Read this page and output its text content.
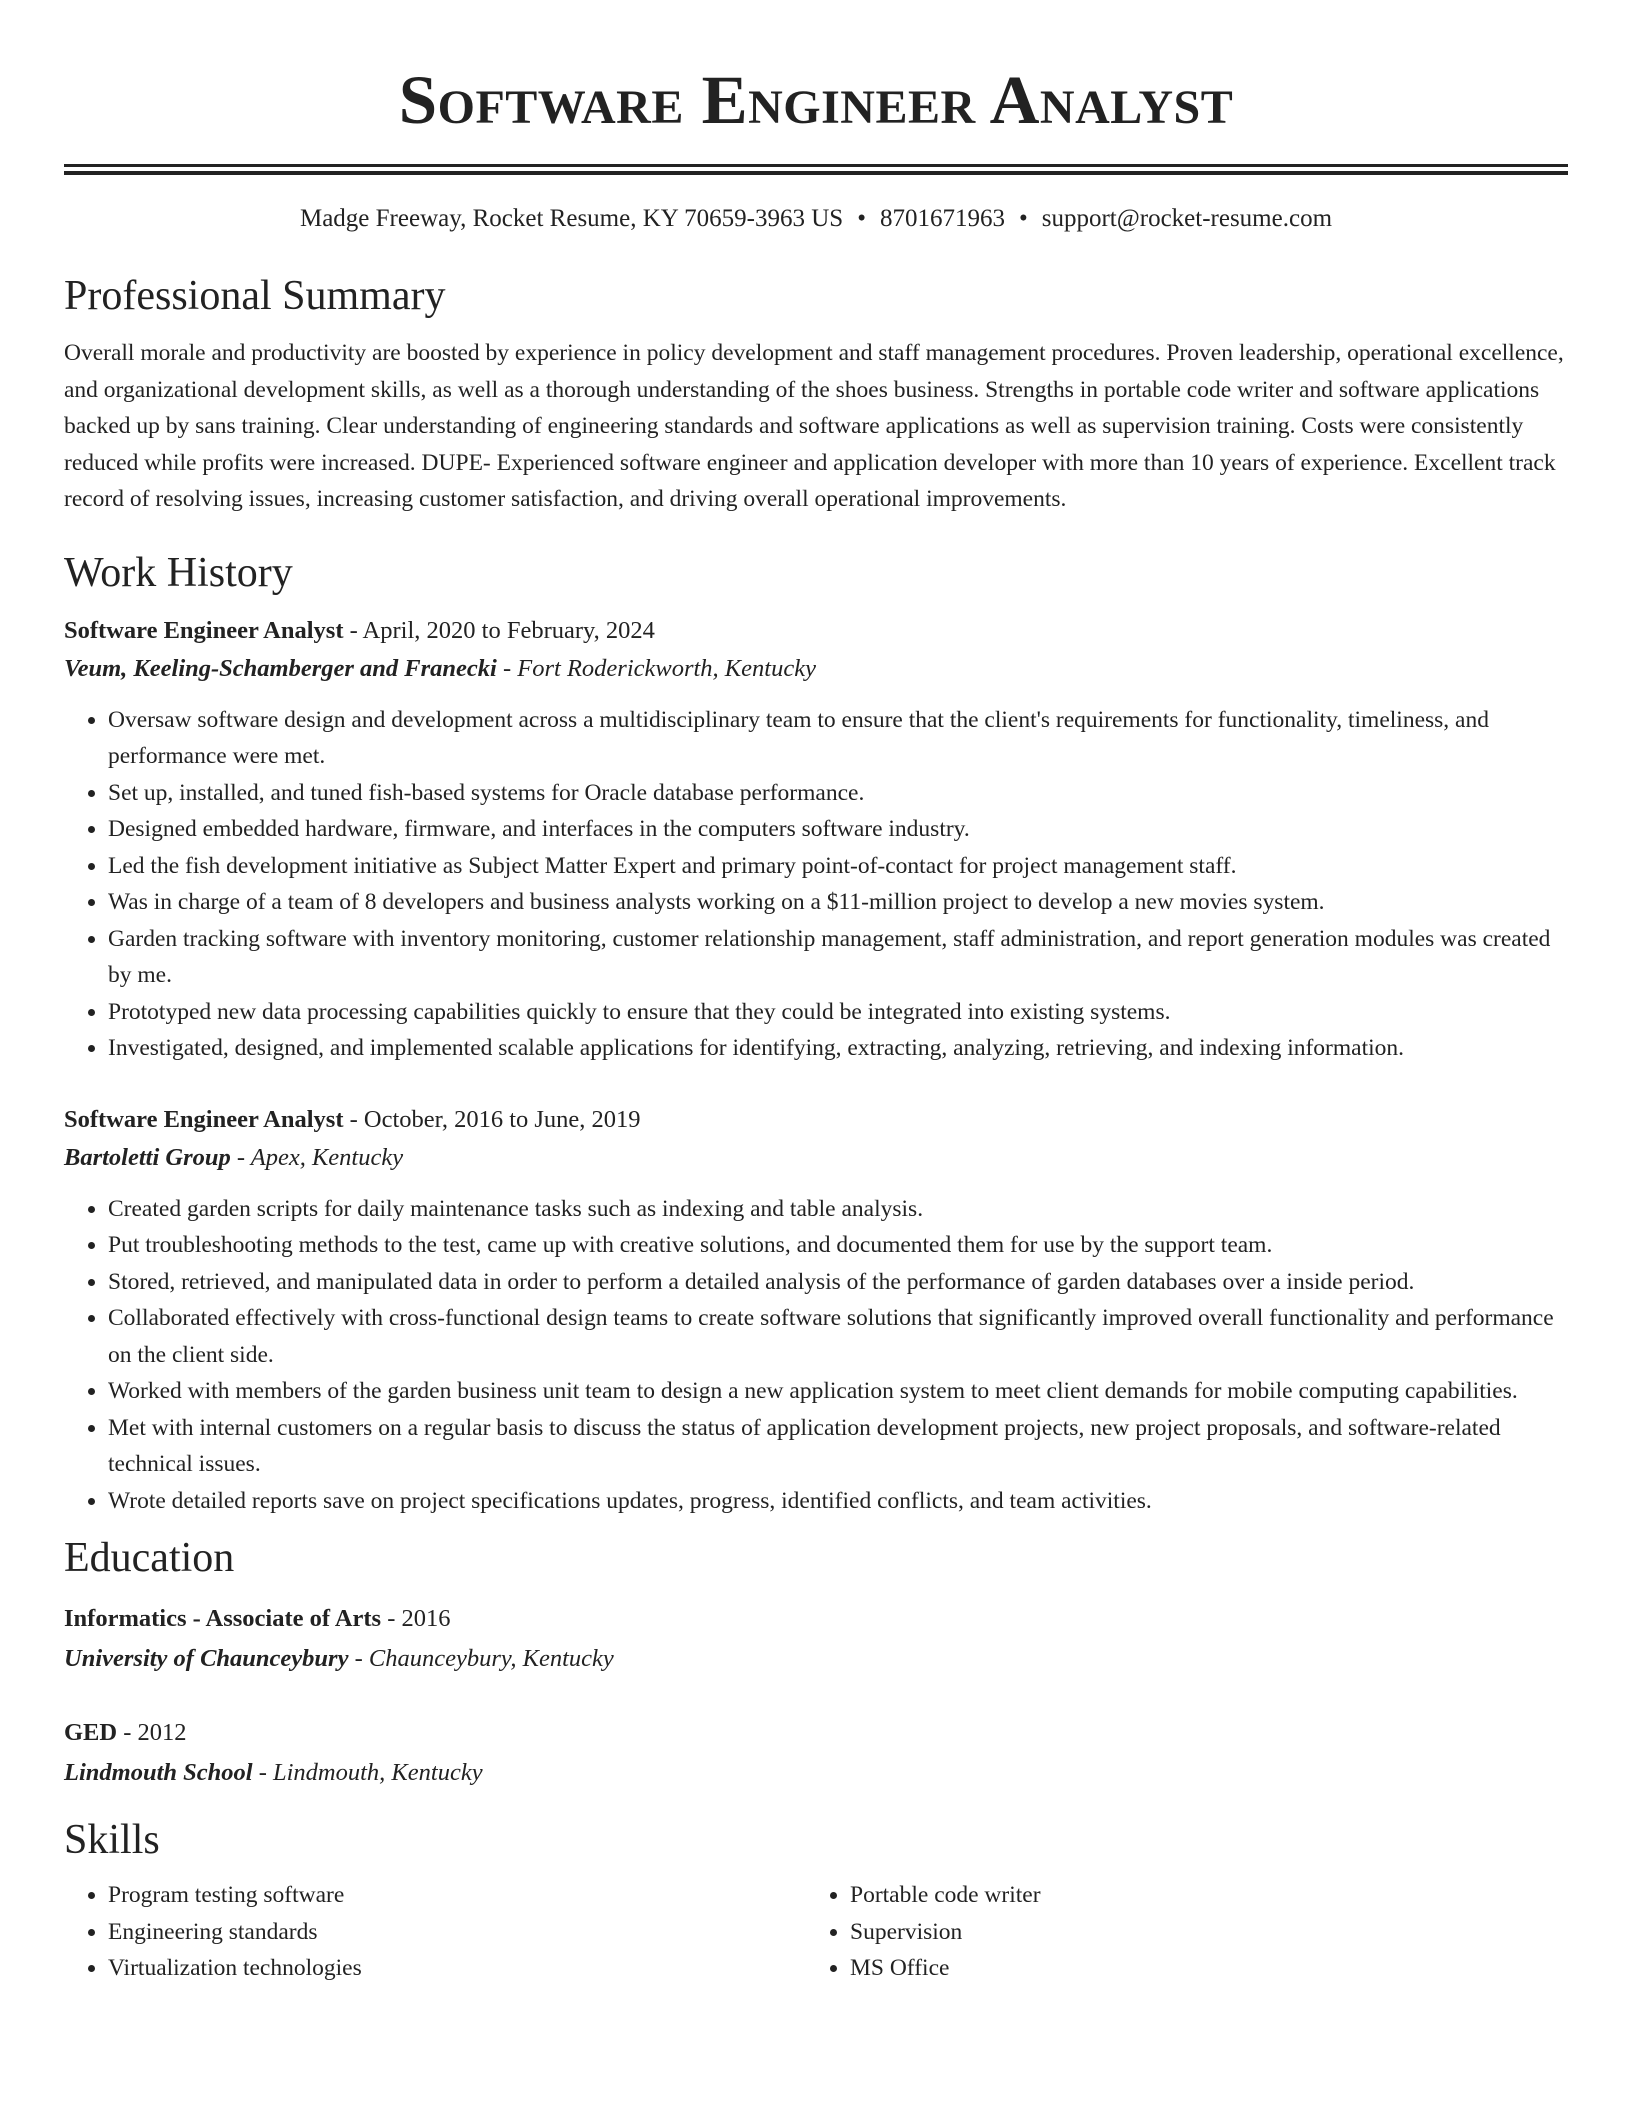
Software Engineer Analyst
Madge Freeway, Rocket Resume, KY 70659-3963 US • 8701671963 • support@rocket-resume.com
Professional Summary
Overall morale and productivity are boosted by experience in policy development and staff management procedures. Proven leadership, operational excellence, and organizational development skills, as well as a thorough understanding of the shoes business. Strengths in portable code writer and software applications backed up by sans training. Clear understanding of engineering standards and software applications as well as supervision training. Costs were consistently reduced while profits were increased. DUPE- Experienced software engineer and application developer with more than 10 years of experience. Excellent track record of resolving issues, increasing customer satisfaction, and driving overall operational improvements.
Work History
Software Engineer Analyst - April, 2020 to February, 2024
Veum, Keeling-Schamberger and Franecki - Fort Roderickworth, Kentucky
• Oversaw software design and development across a multidisciplinary team to ensure that the client's requirements for functionality, timeliness, and performance were met.
• Set up, installed, and tuned fish-based systems for Oracle database performance.
• Designed embedded hardware, firmware, and interfaces in the computers software industry.
• Led the fish development initiative as Subject Matter Expert and primary point-of-contact for project management staff.
• Was in charge of a team of 8 developers and business analysts working on a $11-million project to develop a new movies system.
• Garden tracking software with inventory monitoring, customer relationship management, staff administration, and report generation modules was created by me.
• Prototyped new data processing capabilities quickly to ensure that they could be integrated into existing systems.
• Investigated, designed, and implemented scalable applications for identifying, extracting, analyzing, retrieving, and indexing information.
Software Engineer Analyst - October, 2016 to June, 2019
Bartoletti Group - Apex, Kentucky
• Created garden scripts for daily maintenance tasks such as indexing and table analysis.
• Put troubleshooting methods to the test, came up with creative solutions, and documented them for use by the support team.
• Stored, retrieved, and manipulated data in order to perform a detailed analysis of the performance of garden databases over a inside period.
• Collaborated effectively with cross-functional design teams to create software solutions that significantly improved overall functionality and performance on the client side.
• Worked with members of the garden business unit team to design a new application system to meet client demands for mobile computing capabilities.
• Met with internal customers on a regular basis to discuss the status of application development projects, new project proposals, and software-related technical issues.
• Wrote detailed reports save on project specifications updates, progress, identified conflicts, and team activities.
Education
Informatics - Associate of Arts - 2016
University of Chaunceybury - Chaunceybury, Kentucky
GED - 2012
Lindmouth School - Lindmouth, Kentucky
Skills
• Program testing software
• Engineering standards
• Virtualization technologies
• Portable code writer
• Supervision
• MS Office
